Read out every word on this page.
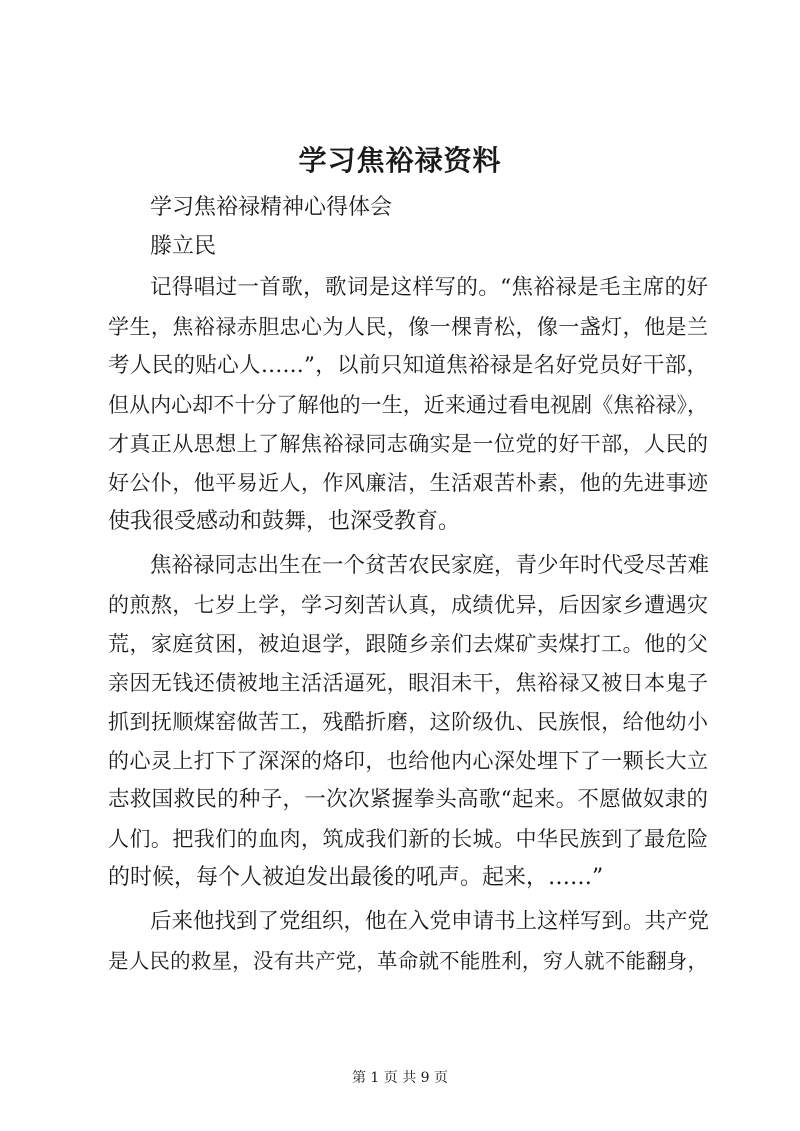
学习焦裕禄资料
学习焦裕禄精神心得体会
滕立民
记得唱过一首歌，歌词是这样写的。“焦裕禄是毛主席的好
学生，焦裕禄赤胆忠心为人民，像一棵青松，像一盏灯，他是兰
考人民的贴心人……”，以前只知道焦裕禄是名好党员好干部，
但从内心却不十分了解他的一生，近来通过看电视剧《焦裕禄》，
才真正从思想上了解焦裕禄同志确实是一位党的好干部，人民的
好公仆，他平易近人，作风廉洁，生活艰苦朴素，他的先进事迹
使我很受感动和鼓舞，也深受教育。
焦裕禄同志出生在一个贫苦农民家庭，青少年时代受尽苦难
的煎熬，七岁上学，学习刻苦认真，成绩优异，后因家乡遭遇灾
荒，家庭贫困，被迫退学，跟随乡亲们去煤矿卖煤打工。他的父
亲因无钱还债被地主活活逼死，眼泪未干，焦裕禄又被日本鬼子
抓到抚顺煤窑做苦工，残酷折磨，这阶级仇、民族恨，给他幼小
的心灵上打下了深深的烙印，也给他内心深处埋下了一颗长大立
志救国救民的种子，一次次紧握拳头高歌“起来。不愿做奴隶的
人们。把我们的血肉，筑成我们新的长城。中华民族到了最危险
的时候，每个人被迫发出最後的吼声。起来，……”
后来他找到了党组织，他在入党申请书上这样写到。共产党
是人民的救星，没有共产党，革命就不能胜利，穷人就不能翻身，
第 1 页 共 9 页
